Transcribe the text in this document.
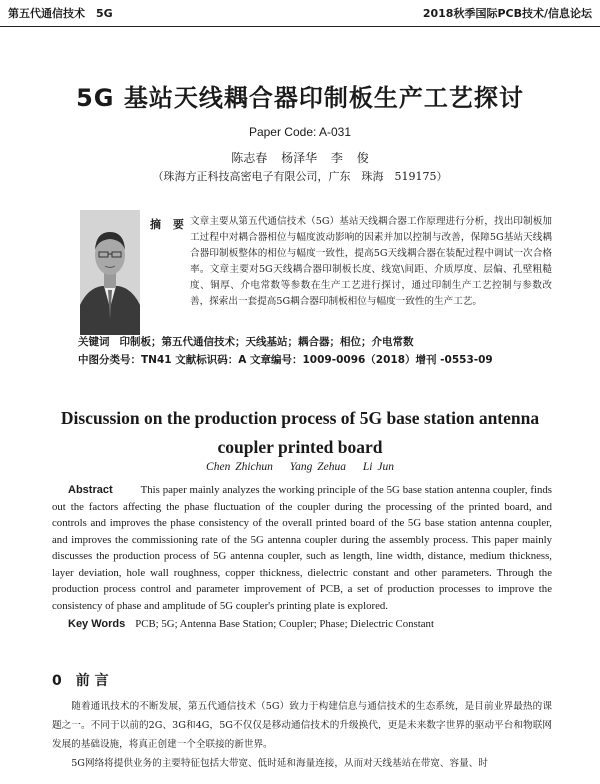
第五代通信技术　5G	2018秋季国际PCB技术/信息论坛
5G 基站天线耦合器印制板生产工艺探讨
Paper Code: A-031
陈志春 杨泽华 李 俊
（珠海方正科技高密电子有限公司，广东　珠海　519175）
摘 要 文章主要从第五代通信技术（5G）基站天线耦合器工作原理进行分析，找出印制板加工过程中对耦合器相位与幅度波动影响的因素并加以控制与改善，保障5G基站天线耦合器印制板整体的相位与幅度一致性，提高5G天线耦合器在装配过程中调试一次合格率。文章主要对5G天线耦合器印制板长度、线宽\间距、介质厚度、层偏、孔壁粗糙度、铜厚、介电常数等参数在生产工艺进行探讨，通过印制生产工艺控制与参数改善，探索出一套提高5G耦合器印制板相位与幅度一致性的生产工艺。
关键词 印制板；第五代通信技术；天线基站；耦合器；相位；介电常数
中图分类号：TN41 文献标识码：A 文章编号：1009-0096（2018）增刊 -0553-09
Discussion on the production process of 5G base station antenna coupler printed board
Chen Zhichun Yang Zehua Li Jun
Abstract	This paper mainly analyzes the working principle of the 5G base station antenna coupler, finds out the factors affecting the phase fluctuation of the coupler during the processing of the printed board, and controls and improves the phase consistency of the overall printed board of the 5G base station antenna coupler, and improves the commissioning rate of the 5G antenna coupler during the assembly process. This paper mainly discusses the production process of 5G antenna coupler, such as length, line width, distance, medium thickness, layer deviation, hole wall roughness, copper thickness, dielectric constant and other parameters. Through the production process control and parameter improvement of PCB, a set of production processes to improve the consistency of phase and amplitude of 5G coupler's printing plate is explored.
Key Words PCB; 5G; Antenna Base Station; Coupler; Phase; Dielectric Constant
0 前 言

随着通讯技术的不断发展，第五代通信技术（5G）致力于构建信息与通信技术的生态系统，是目前业界最热的课题之一。不同于以前的2G、3G和4G，5G不仅仅是移动通信技术的升级换代，更是未来数字世界的驱动平台和物联网发展的基础设施，将真正创建一个全联接的新世界。

5G网络将提供业务的主要特征包括大带宽、低时延和海量连接，从而对天线基站在带宽、容量、时
